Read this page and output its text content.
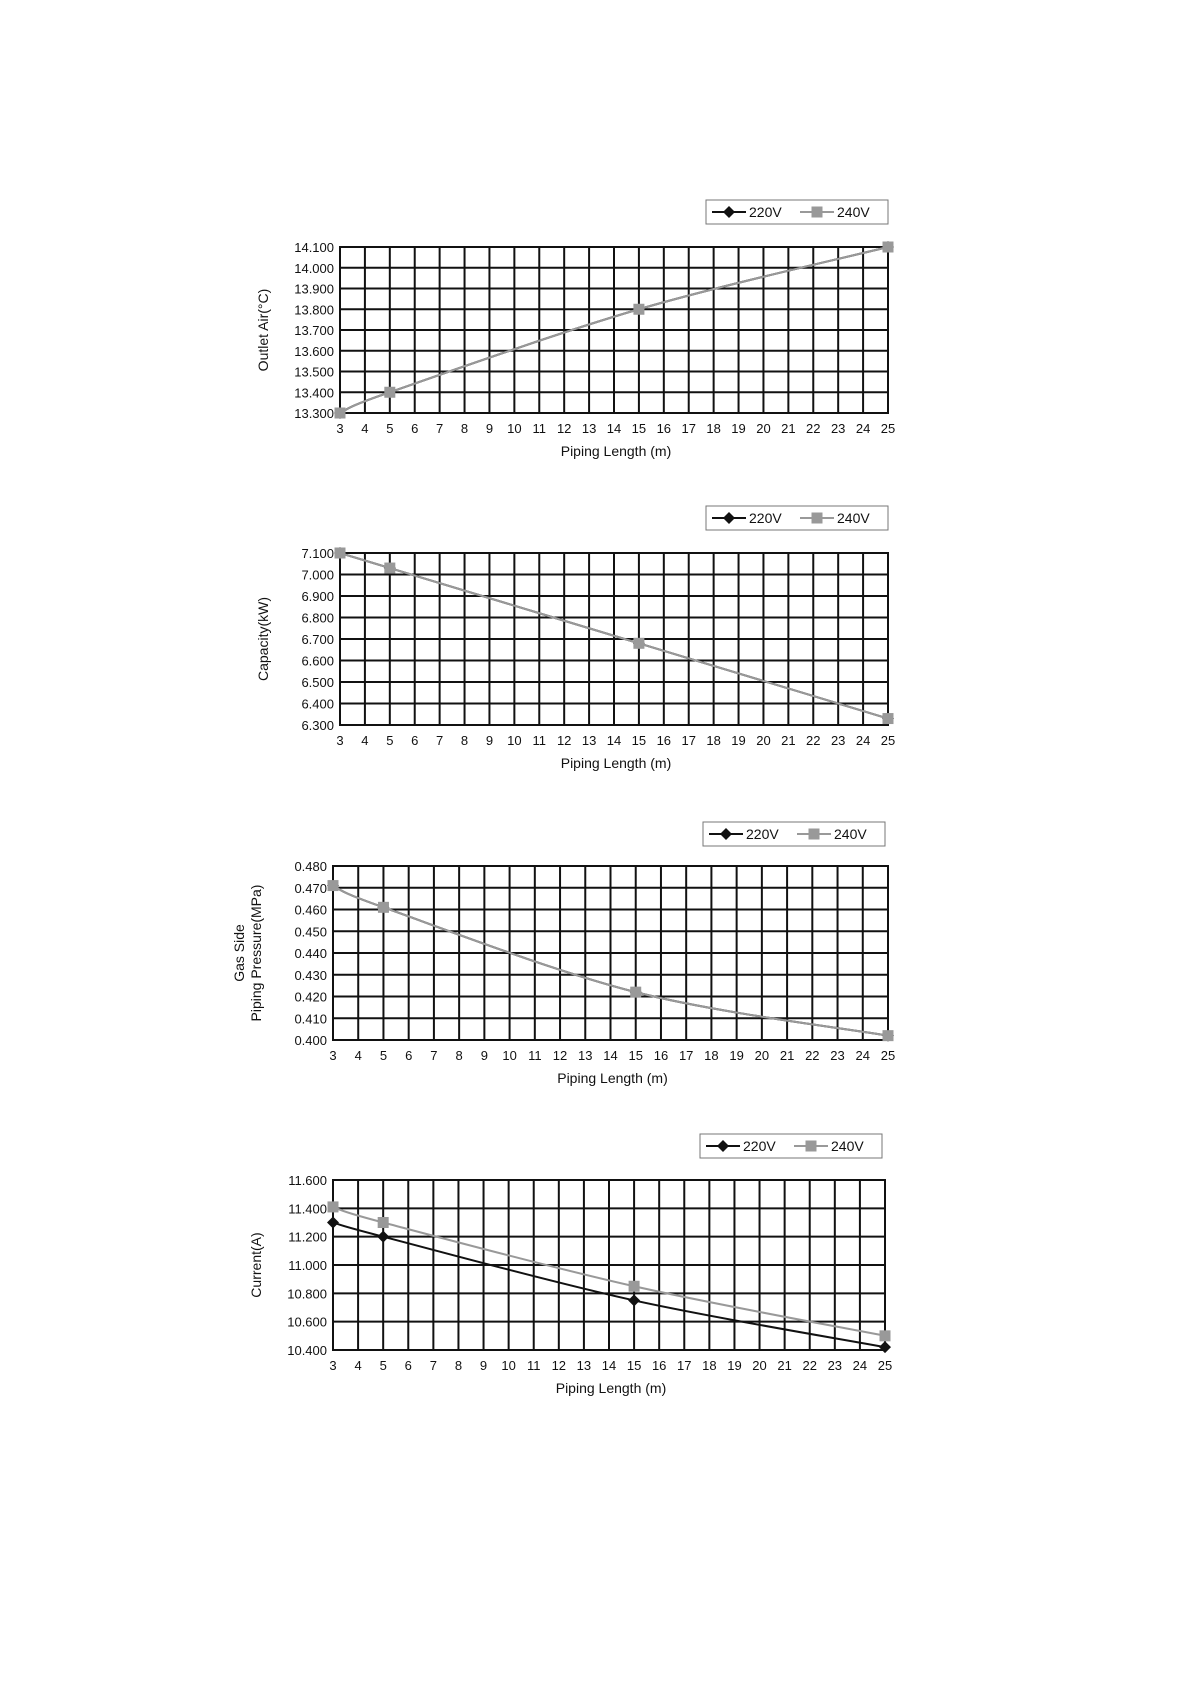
13.300
13.400
13.500
13.600
13.700
13.800
13.900
14.000
14.100
3 4 5 6 7 8 9 10 11 12 13 14 15 16 17 18 19 20 21 22 23 24 25
Piping Length (m)
Outlet Air(°C)
220V	240V
6.300
6.400
6.500
6.600
6.700
6.800
6.900
7.000
7.100
3 4 5 6 7 8 9 10 11 12 13 14 15 16 17 18 19 20 21 22 23 24 25
Piping Length (m)
Capacity(kW)
220V	240V
0.400
0.410
0.420
0.430
0.440
0.450
0.460
0.470
0.480
3 4 5 6 7 8 9 10 11 12 13 14 15 16 17 18 19 20 21 22 23 24 25
Piping Length (m)
Gas Side Piping Pressure(MPa)
220V	240V
10.400
10.600
10.800
11.000
11.200
11.400
11.600
3 4 5 6 7 8 9 10 11 12 13 14 15 16 17 18 19 20 21 22 23 24 25
Piping Length (m)
Current(A)
220V	240V
